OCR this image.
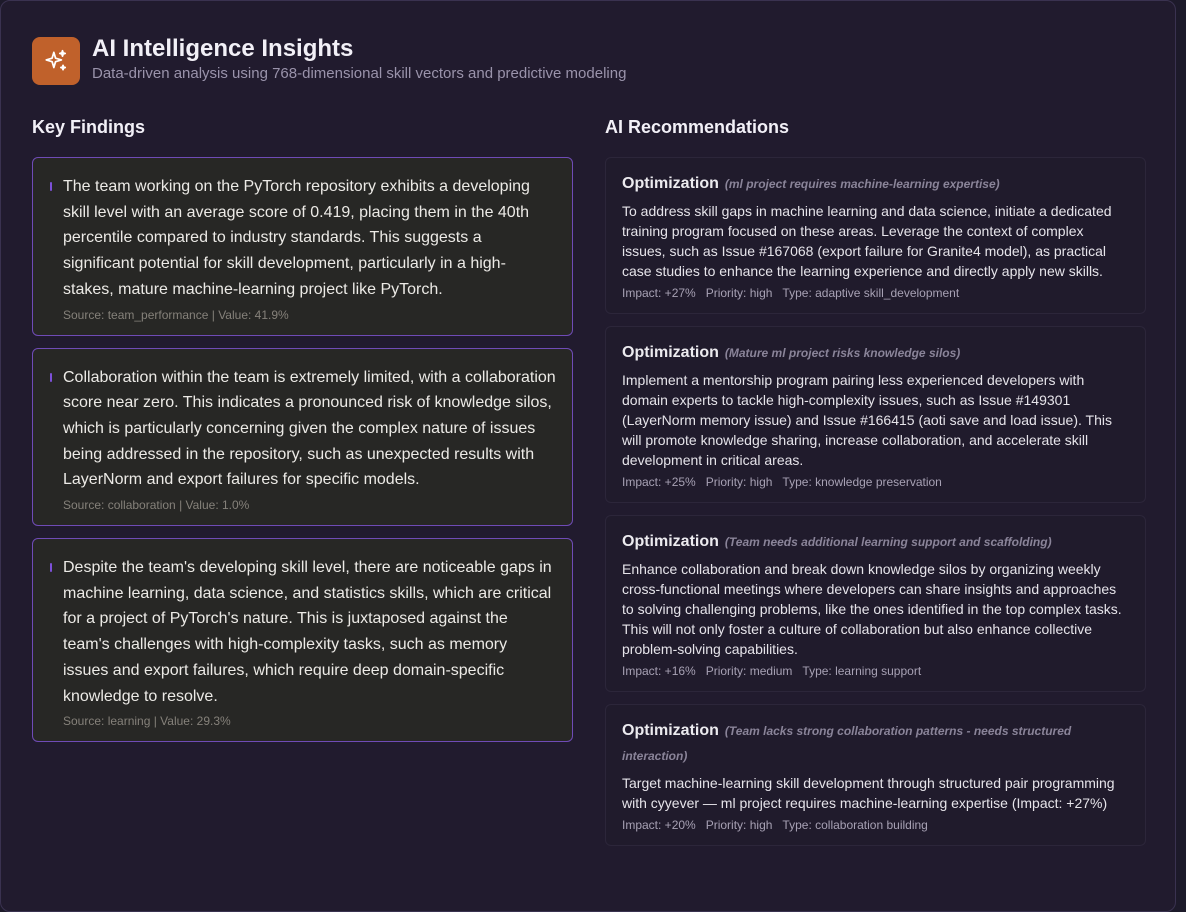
AI Intelligence Insights
Data-driven analysis using 768-dimensional skill vectors and predictive modeling
Key Findings
The team working on the PyTorch repository exhibits a developing skill level with an average score of 0.419, placing them in the 40th percentile compared to industry standards. This suggests a significant potential for skill development, particularly in a high-stakes, mature machine-learning project like PyTorch.
Source: team_performance | Value: 41.9%
Collaboration within the team is extremely limited, with a collaboration score near zero. This indicates a pronounced risk of knowledge silos, which is particularly concerning given the complex nature of issues being addressed in the repository, such as unexpected results with LayerNorm and export failures for specific models.
Source: collaboration | Value: 1.0%
Despite the team's developing skill level, there are noticeable gaps in machine learning, data science, and statistics skills, which are critical for a project of PyTorch's nature. This is juxtaposed against the team's challenges with high-complexity tasks, such as memory issues and export failures, which require deep domain-specific knowledge to resolve.
Source: learning | Value: 29.3%
AI Recommendations
Optimization (ml project requires machine-learning expertise)
To address skill gaps in machine learning and data science, initiate a dedicated training program focused on these areas. Leverage the context of complex issues, such as Issue #167068 (export failure for Granite4 model), as practical case studies to enhance the learning experience and directly apply new skills.
Impact: +27% Priority: high Type: adaptive skill_development
Optimization (Mature ml project risks knowledge silos)
Implement a mentorship program pairing less experienced developers with domain experts to tackle high-complexity issues, such as Issue #149301 (LayerNorm memory issue) and Issue #166415 (aoti save and load issue). This will promote knowledge sharing, increase collaboration, and accelerate skill development in critical areas.
Impact: +25% Priority: high Type: knowledge preservation
Optimization (Team needs additional learning support and scaffolding)
Enhance collaboration and break down knowledge silos by organizing weekly cross-functional meetings where developers can share insights and approaches to solving challenging problems, like the ones identified in the top complex tasks. This will not only foster a culture of collaboration but also enhance collective problem-solving capabilities.
Impact: +16% Priority: medium Type: learning support
Optimization (Team lacks strong collaboration patterns - needs structured interaction)
Target machine-learning skill development through structured pair programming with cyyever — ml project requires machine-learning expertise (Impact: +27%)
Impact: +20% Priority: high Type: collaboration building
